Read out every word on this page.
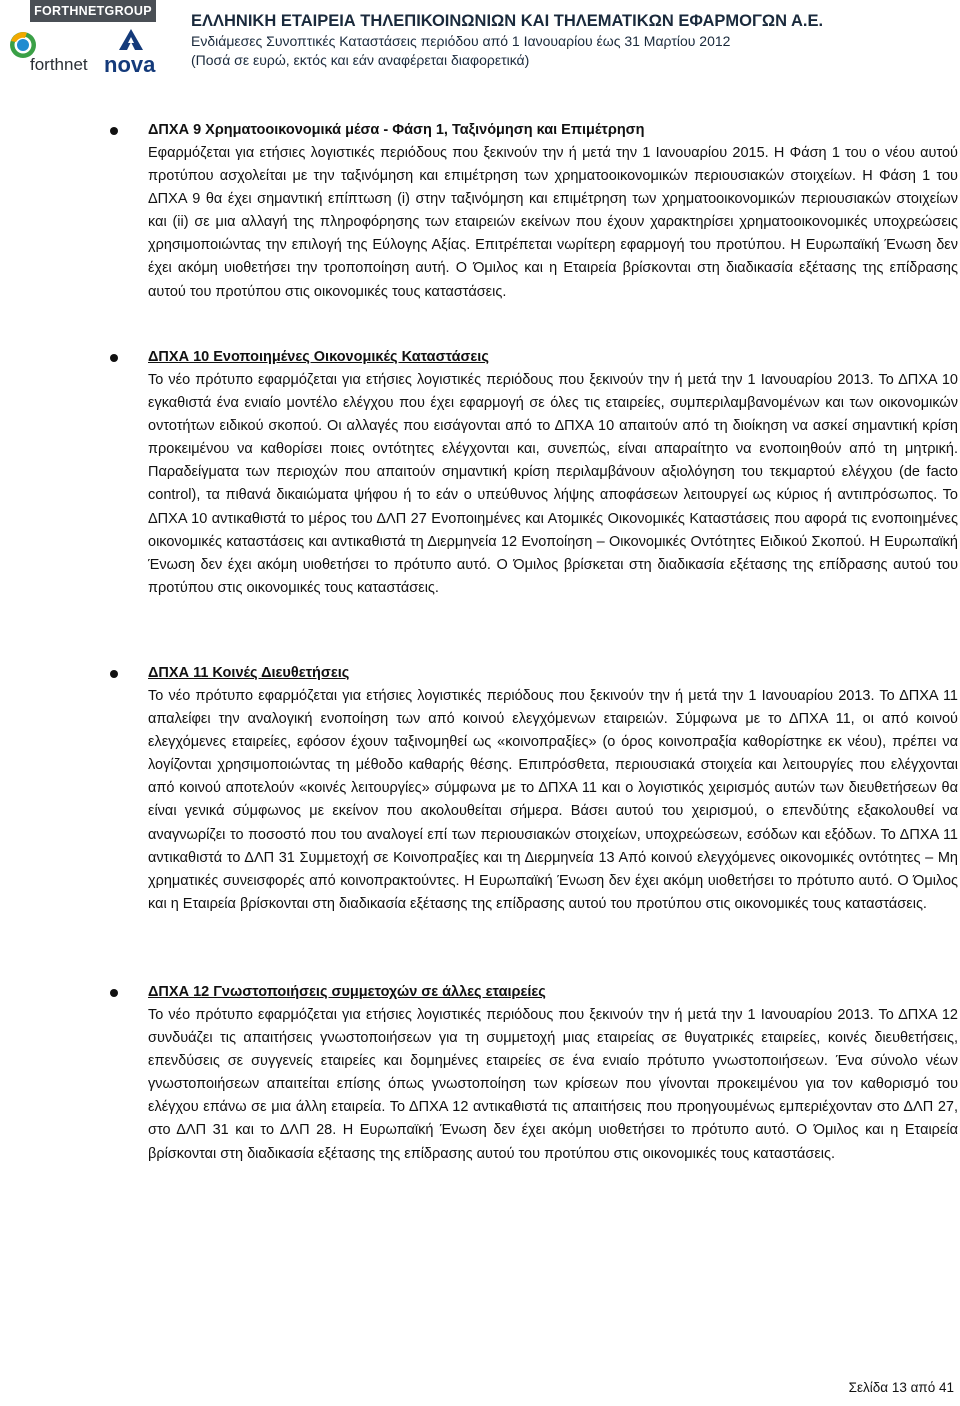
FORTHNETGROUP
forthnet nova
ΕΛΛΗΝΙΚΗ ΕΤΑΙΡΕΙΑ ΤΗΛΕΠΙΚΟΙΝΩΝΙΩΝ ΚΑΙ ΤΗΛΕΜΑΤΙΚΩΝ ΕΦΑΡΜΟΓΩΝ Α.Ε.
Ενδιάμεσες Συνοπτικές Καταστάσεις περιόδου από 1 Ιανουαρίου έως 31 Μαρτίου 2012
(Ποσά σε ευρώ, εκτός και εάν αναφέρεται διαφορετικά)
ΔΠΧΑ 9 Χρηματοοικονομικά μέσα - Φάση 1, Ταξινόμηση και Επιμέτρηση

Εφαρμόζεται για ετήσιες λογιστικές περιόδους που ξεκινούν την ή μετά την 1 Ιανουαρίου 2015. Η Φάση 1 του ο νέου αυτού προτύπου ασχολείται με την ταξινόμηση και επιμέτρηση των χρηματοοικονομικών περιουσιακών στοιχείων. Η Φάση 1 του ΔΠΧΑ 9 θα έχει σημαντική επίπτωση (i) στην ταξινόμηση και επιμέτρηση των χρηματοοικονομικών περιουσιακών στοιχείων και (ii) σε μια αλλαγή της πληροφόρησης των εταιρειών εκείνων που έχουν χαρακτηρίσει χρηματοοικονομικές υποχρεώσεις χρησιμοποιώντας την επιλογή της Εύλογης Αξίας. Επιτρέπεται νωρίτερη εφαρμογή του προτύπου. Η Ευρωπαϊκή Ένωση δεν έχει ακόμη υιοθετήσει την τροποποίηση αυτή. Ο Όμιλος και η Εταιρεία βρίσκονται στη διαδικασία εξέτασης της επίδρασης αυτού του προτύπου στις οικονομικές τους καταστάσεις.

ΔΠΧΑ 10 Ενοποιημένες Οικονομικές Καταστάσεις

Το νέο πρότυπο εφαρμόζεται για ετήσιες λογιστικές περιόδους που ξεκινούν την ή μετά την 1 Ιανουαρίου 2013. Το ΔΠΧΑ 10 εγκαθιστά ένα ενιαίο μοντέλο ελέγχου που έχει εφαρμογή σε όλες τις εταιρείες, συμπεριλαμβανομένων και των οικονομικών οντοτήτων ειδικού σκοπού. Οι αλλαγές που εισάγονται από το ΔΠΧΑ 10 απαιτούν από τη διοίκηση να ασκεί σημαντική κρίση προκειμένου να καθορίσει ποιες οντότητες ελέγχονται και, συνεπώς, είναι απαραίτητο να ενοποιηθούν από τη μητρική. Παραδείγματα των περιοχών που απαιτούν σημαντική κρίση περιλαμβάνουν αξιολόγηση του τεκμαρτού ελέγχου (de facto control), τα πιθανά δικαιώματα ψήφου ή το εάν ο υπεύθυνος λήψης αποφάσεων λειτουργεί ως κύριος ή αντιπρόσωπος. Το ΔΠΧΑ 10 αντικαθιστά το μέρος του ΔΛΠ 27 Ενοποιημένες και Ατομικές Οικονομικές Καταστάσεις που αφορά τις ενοποιημένες οικονομικές καταστάσεις και αντικαθιστά τη Διερμηνεία 12 Ενοποίηση – Οικονομικές Οντότητες Ειδικού Σκοπού. Η Ευρωπαϊκή Ένωση δεν έχει ακόμη υιοθετήσει το πρότυπο αυτό. Ο Όμιλος βρίσκεται στη διαδικασία εξέτασης της επίδρασης αυτού του προτύπου στις οικονομικές τους καταστάσεις.

ΔΠΧΑ 11 Κοινές Διευθετήσεις

Το νέο πρότυπο εφαρμόζεται για ετήσιες λογιστικές περιόδους που ξεκινούν την ή μετά την 1 Ιανουαρίου 2013. Το ΔΠΧΑ 11 απαλείφει την αναλογική ενοποίηση των από κοινού ελεγχόμενων εταιρειών. Σύμφωνα με το ΔΠΧΑ 11, οι από κοινού ελεγχόμενες εταιρείες, εφόσον έχουν ταξινομηθεί ως «κοινοπραξίες» (ο όρος κοινοπραξία καθορίστηκε εκ νέου), πρέπει να λογίζονται χρησιμοποιώντας τη μέθοδο καθαρής θέσης. Επιπρόσθετα, περιουσιακά στοιχεία και λειτουργίες που ελέγχονται από κοινού αποτελούν «κοινές λειτουργίες» σύμφωνα με το ΔΠΧΑ 11 και ο λογιστικός χειρισμός αυτών των διευθετήσεων θα είναι γενικά σύμφωνος με εκείνον που ακολουθείται σήμερα. Βάσει αυτού του χειρισμού, ο επενδύτης εξακολουθεί να αναγνωρίζει το ποσοστό που του αναλογεί επί των περιουσιακών στοιχείων, υποχρεώσεων, εσόδων και εξόδων. Το ΔΠΧΑ 11 αντικαθιστά το ΔΛΠ 31 Συμμετοχή σε Κοινοπραξίες και τη Διερμηνεία 13 Από κοινού ελεγχόμενες οικονομικές οντότητες – Μη χρηματικές συνεισφορές από κοινοπρακτούντες. Η Ευρωπαϊκή Ένωση δεν έχει ακόμη υιοθετήσει το πρότυπο αυτό. Ο Όμιλος και η Εταιρεία βρίσκονται στη διαδικασία εξέτασης της επίδρασης αυτού του προτύπου στις οικονομικές τους καταστάσεις.

ΔΠΧΑ 12 Γνωστοποιήσεις συμμετοχών σε άλλες εταιρείες

Το νέο πρότυπο εφαρμόζεται για ετήσιες λογιστικές περιόδους που ξεκινούν την ή μετά την 1 Ιανουαρίου 2013. Το ΔΠΧΑ 12 συνδυάζει τις απαιτήσεις γνωστοποιήσεων για τη συμμετοχή μιας εταιρείας σε θυγατρικές εταιρείες, κοινές διευθετήσεις, επενδύσεις σε συγγενείς εταιρείες και δομημένες εταιρείες σε ένα ενιαίο πρότυπο γνωστοποιήσεων. Ένα σύνολο νέων γνωστοποιήσεων απαιτείται επίσης όπως γνωστοποίηση των κρίσεων που γίνονται προκειμένου για τον καθορισμό του ελέγχου επάνω σε μια άλλη εταιρεία. Το ΔΠΧΑ 12 αντικαθιστά τις απαιτήσεις που προηγουμένως εμπεριέχονταν στο ΔΛΠ 27, στο ΔΛΠ 31 και το ΔΛΠ 28. Η Ευρωπαϊκή Ένωση δεν έχει ακόμη υιοθετήσει το πρότυπο αυτό. Ο Όμιλος και η Εταιρεία βρίσκονται στη διαδικασία εξέτασης της επίδρασης αυτού του προτύπου στις οικονομικές τους καταστάσεις.

Σελίδα 13 από 41
